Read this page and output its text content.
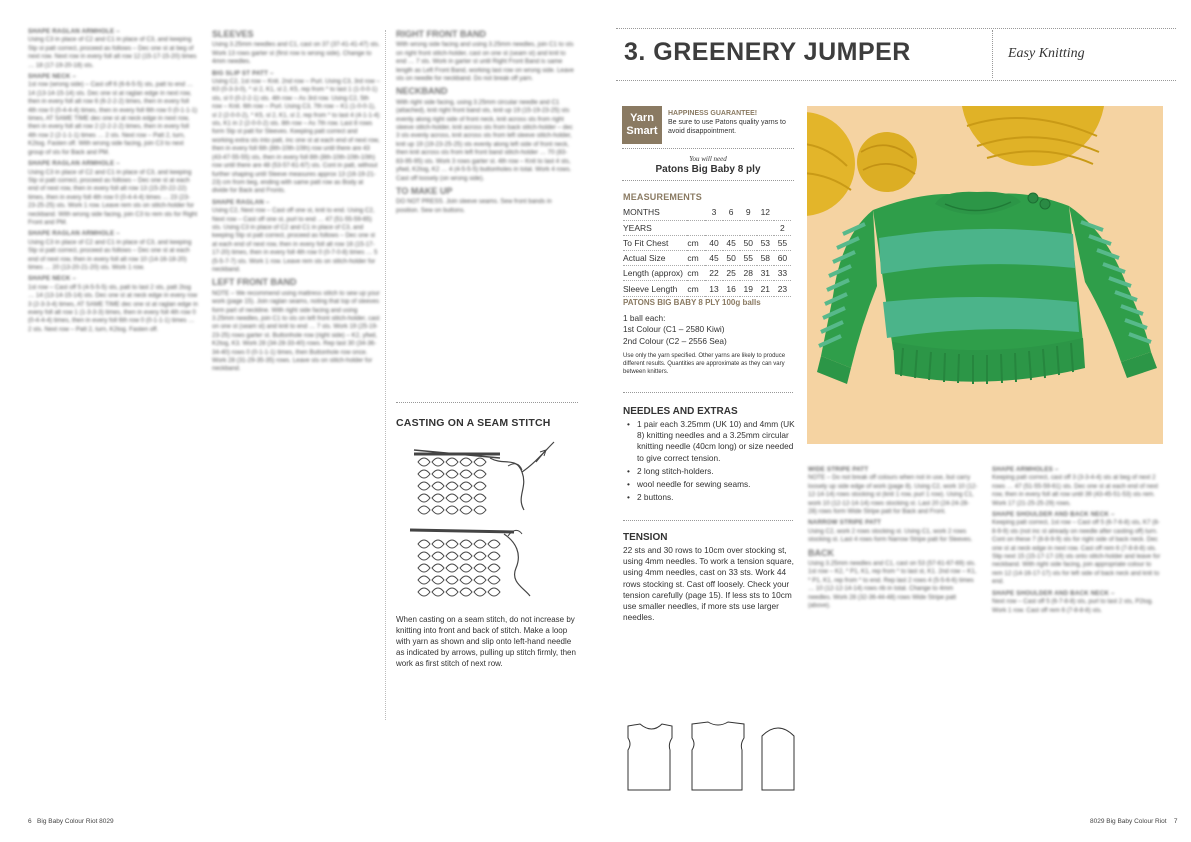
SHAPE RAGLAN ARMHOLE –
Using C3 in place of C2 and C1 in place of C3, and keeping Stp st patt correct, proceed as follows – Dec one st at beg of next row. Next row in every foll alt row 12 (15-17-15-20) times … 18 (17-19-20-18) sts.
SHAPE NECK –
1st row (wrong side) – Cast off 6 (6-6-5-5) sts, patt to end … 14 (13-14-15-14) sts. Dec one st at raglan edge in next row, then in every foll alt row 6 (6-2-2-2) times, then in every foll 4th row 0 (0-4-4-4) times, then in every foll 6th row 0 (0-1-1-1) times, AT SAME TIME dec one st at neck edge in next row, then in every foll alt row 2 (2-2-2-2) times, then in every foll 4th row 2 (2-1-1-1) times … 2 sts. Next row – Patt 2, turn, K2tog. Fasten off. With wrong side facing, join C3 to next group of sts for Back and PM.
SHAPE RAGLAN ARMHOLE –
Using C3 in place of C2 and C1 in place of C3, and keeping Stp st patt correct, proceed as follows – Dec one st at each end of next row, then in every foll alt row 13 (15-20-22-22) times, then in every foll 4th row 0 (0-4-4-4) times … 23 (23-23-25-25) sts. Work 1 row. Leave rem sts on stitch-holder for neckband. With wrong side facing, join C3 to rem sts for Right Front and PM.
SHAPE RAGLAN ARMHOLE –
Using C3 in place of C2 and C1 in place of C3, and keeping Stp st patt correct, proceed as follows – Dec one st at each end of next row, then in every foll alt row 10 (14-16-18-20) times … 20 (13-20-21-20) sts. Work 1 row.
SHAPE NECK –
1st row – Cast off 5 (4-5-5-5) sts, patt to last 2 sts, patt 2tog … 14 (13-14-15-14) sts. Dec one st at neck edge in every row 3 (2-3-3-4) times, AT SAME TIME dec one st at raglan edge in every foll alt row 1 (1-3-3-3) times, then in every foll 4th row 0 (0-4-4-4) times, then in every foll 6th row 0 (0-1-1-1) times … 2 sts. Next row – Patt 2, turn, K2tog. Fasten off.
SLEEVES
Using 3.25mm needles and C1, cast on 37 (37-41-41-47) sts. Work 13 rows garter st (first row is wrong side). Change to 4mm needles.
BIG SLIP ST PATT –
Using C2, 1st row – Knit. 2nd row – Purl. Using C3, 3rd row – K0 (0-3-3-0), * sl 2, K1, sl 2, K5, rep from * to last 1 (1-0-0-1) sts, sl 0 (0-2-2-1) sts. 4th row – As 3rd row. Using C2, 5th row – Knit. 6th row – Purl. Using C3, 7th row – K1 (1-0-0-1), sl 2 (2-0-0-2), * K5, sl 2, K1, sl 2, rep from * to last 4 (4-1-1-4) sts, K1 in 2 (2-0-0-2) sts. 8th row – As 7th row. Last 8 rows form Stp st patt for Sleeves. Keeping patt correct and working extra sts into patt, inc one st at each end of next row, then in every foll 6th (8th-10th-10th) row until there are 43 (43-47-55-55) sts, then in every foll 8th (8th-10th-10th-10th) row until there are 48 (53-57-61-67) sts. Cont in patt, without further shaping until Sleeve measures approx 13 (16-19-21-23) cm from beg, ending with same patt row as Body at divide for Back and Fronts.
SHAPE RAGLAN –
Using C2, Next row – Cast off one st, knit to end. Using C2, Next row – Cast off one st, purl to end … 47 (51-55-59-65) sts. Using C3 in place of C2 and C1 in place of C3, and keeping Stp st patt correct, proceed as follows – Dec one st at each end of next row, then in every foll alt row 16 (15-17-17-20) times, then in every foll 4th row 0 (0-7-0-8) times … 5 (5-5-7-7) sts. Work 1 row. Leave rem sts on stitch-holder for neckband.
LEFT FRONT BAND
NOTE – We recommend using mattress stitch to sew up your work (page 15). Join raglan seams, noting that top of sleeves form part of neckline. With right side facing and using 3.25mm needles, join C1 to sts on left front stitch-holder, cast on one st (seam st) and knit to end … 7 sts. Work 19 (25-19-23-25) rows garter st. Buttonhole row (right side) – K2, yfwd, K2tog, K3. Work 28 (34-28-33-40) rows. Rep last 30 (34-36-34-40) rows 0 (0-1-1-1) times, then Buttonhole row once. Work 28 (31-29-35-35) rows. Leave sts on stitch-holder for neckband.
RIGHT FRONT BAND
With wrong side facing and using 3.25mm needles, join C1 to sts on right front stitch-holder, cast on one st (seam st) and knit to end … 7 sts. Work in garter st until Right Front Band is same length as Left Front Band, working last row on wrong side. Leave sts on needle for neckband. Do not break off yarn.
NECKBAND
With right side facing, using 3.25mm circular needle and C1 (attached), knit right front band sts, knit up 19 (15-19-23-25) sts evenly along right side of front neck, knit across sts from right sleeve stitch-holder, knit across sts from back stitch-holder – dec 3 sts evenly across, knit across sts from left sleeve stitch-holder, knit up 19 (19-23-25-25) sts evenly along left side of front neck, then knit across sts from left front band stitch-holder … 70 (83-83-95-95) sts. Work 3 rows garter st. 4th row – Knit to last 4 sts, yfwd, K2tog, K2 … 4 (4-5-5-5) buttonholes in total. Work 4 rows. Cast off loosely (on wrong side).
TO MAKE UP
DO NOT PRESS. Join sleeve seams. Sew front bands in position. Sew on buttons.
CASTING ON A SEAM STITCH
When casting on a seam stitch, do not increase by knitting into front and back of stitch. Make a loop with yarn as shown and slip onto left-hand needle as indicated by arrows, pulling up stitch firmly, then work as first stitch of next row.
6 Big Baby Colour Riot 8029
3. GREENERY JUMPER	Easy Knitting
Yarn
Smart
HAPPINESS GUARANTEE!
Be sure to use Patons quality yarns to avoid disappointment.
You will need
Patons Big Baby 8 ply
MEASUREMENTS
MONTHS		3	6	9	12	
YEARS						2
To Fit Chest	cm	40	45	50	53	55
Actual Size	cm	45	50	55	58	60
Length (approx)	cm	22	25	28	31	33
Sleeve Length	cm	13	16	19	21	23
PATONS BIG BABY 8 PLY 100g balls
1 ball each:
1st Colour (C1 – 2580 Kiwi)
2nd Colour (C2 – 2556 Sea)
Use only the yarn specified. Other yarns are likely to produce different results. Quantities are approximate as they can vary between knitters.
NEEDLES AND EXTRAS
• 1 pair each 3.25mm (UK 10) and 4mm (UK 8) knitting needles and a 3.25mm circular knitting needle (40cm long) or size needed to give correct tension.
• 2 long stitch-holders.
• wool needle for sewing seams.
• 2 buttons.
TENSION
22 sts and 30 rows to 10cm over stocking st, using 4mm needles. To work a tension square, using 4mm needles, cast on 33 sts. Work 44 rows stocking st. Cast off loosely. Check your tension carefully (page 15). If less sts to 10cm use smaller needles, if more sts use larger needles.
WIDE STRIPE PATT
NOTE – Do not break off colours when not in use, but carry loosely up side edge of work (page 8). Using C2, work 10 (12-12-14-14) rows stocking st (knit 1 row, purl 1 row). Using C1, work 10 (12-12-14-14) rows stocking st. Last 20 (24-24-28-28) rows form Wide Stripe patt for Back and Front.
NARROW STRIPE PATT
Using C2, work 2 rows stocking st. Using C1, work 2 rows stocking st. Last 4 rows form Narrow Stripe patt for Sleeves.
BACK
Using 3.25mm needles and C1, cast on 53 (57-61-67-69) sts. 1st row – K2, * P1, K1, rep from * to last st, K1. 2nd row – K1, * P1, K1, rep from * to end. Rep last 2 rows 4 (5-5-6-6) times … 10 (12-12-14-14) rows rib in total. Change to 4mm needles. Work 28 (32-36-44-48) rows Wide Stripe patt (above).
SHAPE ARMHOLES –
Keeping patt correct, cast off 3 (3-3-4-4) sts at beg of next 2 rows … 47 (51-55-59-61) sts. Dec one st at each end of next row, then in every foll alt row until 39 (43-45-51-53) sts rem. Work 17 (21-25-25-29) rows.
SHAPE SHOULDER AND BACK NECK –
Keeping patt correct, 1st row – Cast off 5 (6-7-6-8) sts, K7 (8-8-9-9) sts (not inc st already on needle after casting off) turn. Cont on these 7 (8-8-9-9) sts for right side of back neck. Dec one st at neck edge in next row. Cast off rem 6 (7-8-8-8) sts. Slip next 15 (15-17-17-19) sts onto stitch-holder and leave for neckband. With right side facing, join appropriate colour to rem 12 (14-16-17-17) sts for left side of back neck and knit to end.
SHAPE SHOULDER AND BACK NECK –
Next row – Cast off 5 (6-7-8-8) sts, purl to last 2 sts, P2tog. Work 1 row. Cast off rem 6 (7-8-8-8) sts.
8029 Big Baby Colour Riot 7
